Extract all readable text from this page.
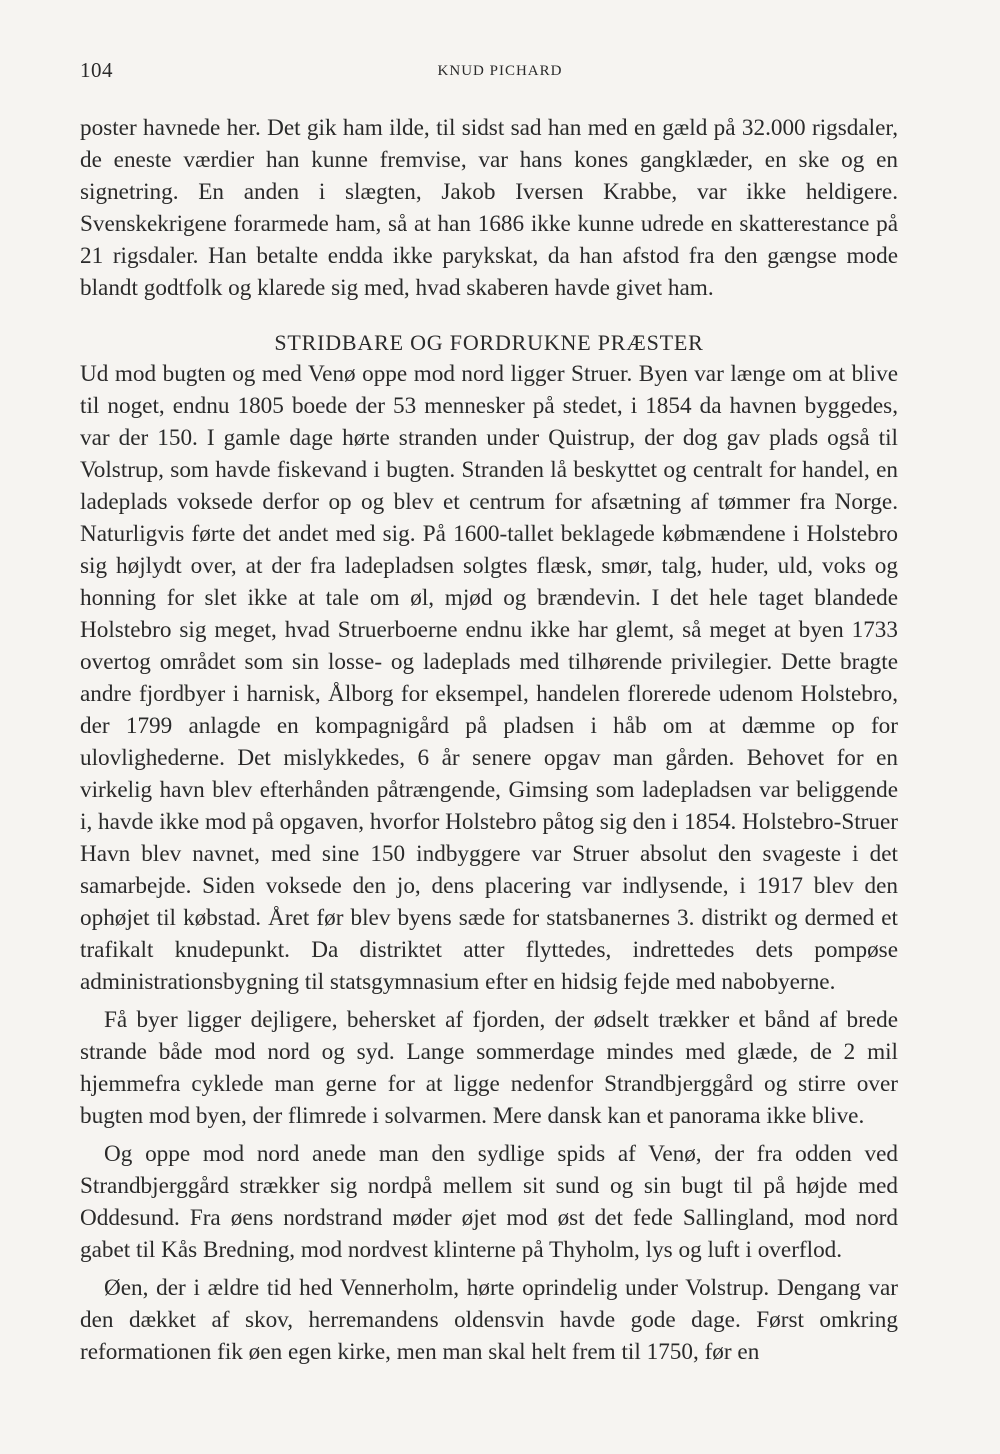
104	KNUD PICHARD

poster havnede her. Det gik ham ilde, til sidst sad han med en gæld på 32.000 rigsdaler, de eneste værdier han kunne fremvise, var hans kones gangklæder, en ske og en signetring. En anden i slægten, Jakob Iversen Krabbe, var ikke heldigere. Svenskekrigene forarmede ham, så at han 1686 ikke kunne udrede en skatterestance på 21 rigsdaler. Han betalte endda ikke parykskat, da han afstod fra den gængse mode blandt godtfolk og klarede sig med, hvad skaberen havde givet ham.

STRIDBARE OG FORDRUKNE PRÆSTER

Ud mod bugten og med Venø oppe mod nord ligger Struer. Byen var længe om at blive til noget, endnu 1805 boede der 53 mennesker på stedet, i 1854 da havnen byggedes, var der 150. I gamle dage hørte stranden under Quistrup, der dog gav plads også til Volstrup, som havde fiskevand i bugten. Stranden lå beskyttet og centralt for handel, en ladeplads voksede derfor op og blev et centrum for afsætning af tømmer fra Norge. Naturligvis førte det andet med sig. På 1600-tallet beklagede købmændene i Holstebro sig højlydt over, at der fra ladepladsen solgtes flæsk, smør, talg, huder, uld, voks og honning for slet ikke at tale om øl, mjød og brændevin. I det hele taget blandede Holstebro sig meget, hvad Struerboerne endnu ikke har glemt, så meget at byen 1733 overtog området som sin losse- og ladeplads med tilhørende privilegier. Dette bragte andre fjordbyer i harnisk, Ålborg for eksempel, handelen florerede udenom Holstebro, der 1799 anlagde en kompagnigård på pladsen i håb om at dæmme op for ulovlighederne. Det mislykkedes, 6 år senere opgav man gården. Behovet for en virkelig havn blev efterhånden påtrængende, Gimsing som ladepladsen var beliggende i, havde ikke mod på opgaven, hvorfor Holstebro påtog sig den i 1854. Holstebro-Struer Havn blev navnet, med sine 150 indbyggere var Struer absolut den svageste i det samarbejde. Siden voksede den jo, dens placering var indlysende, i 1917 blev den ophøjet til købstad. Året før blev byens sæde for statsbanernes 3. distrikt og dermed et trafikalt knudepunkt. Da distriktet atter flyttedes, indrettedes dets pompøse administrationsbygning til statsgymnasium efter en hidsig fejde med nabobyerne.

Få byer ligger dejligere, behersket af fjorden, der ødselt trækker et bånd af brede strande både mod nord og syd. Lange sommerdage mindes med glæde, de 2 mil hjemmefra cyklede man gerne for at ligge nedenfor Strandbjerggård og stirre over bugten mod byen, der flimrede i solvarmen. Mere dansk kan et panorama ikke blive.

Og oppe mod nord anede man den sydlige spids af Venø, der fra odden ved Strandbjerggård strækker sig nordpå mellem sit sund og sin bugt til på højde med Oddesund. Fra øens nordstrand møder øjet mod øst det fede Sallingland, mod nord gabet til Kås Bredning, mod nordvest klinterne på Thyholm, lys og luft i overflod.

Øen, der i ældre tid hed Vennerholm, hørte oprindelig under Volstrup. Dengang var den dækket af skov, herremandens oldensvin havde gode dage. Først omkring reformationen fik øen egen kirke, men man skal helt frem til 1750, før en
